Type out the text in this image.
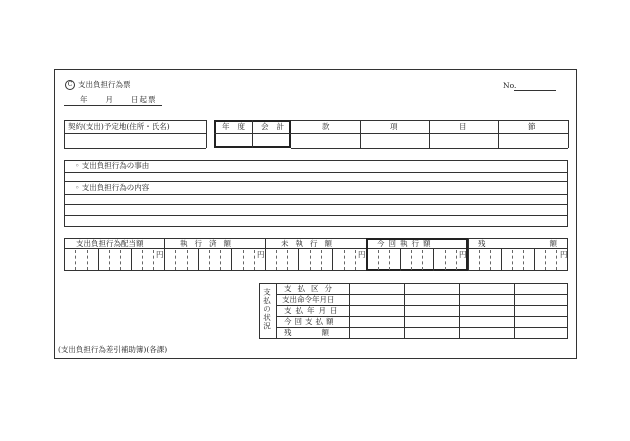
C 支出負担行為票	No.
年　　月　　日起票
契約(支出)予定地(住所・氏名)	年度 会計	款	項	目	節
◦ 支出負担行為の事由
◦ 支出負担行為の内容
支出負担行為配当額	執行済額	未執行額	今回執行額	残額
円	円	円	円	円
支払の状況 支払区分
支出命令年月日
支払年月日
今回支払額
残額
(支出負担行為差引補助簿)(各課)
